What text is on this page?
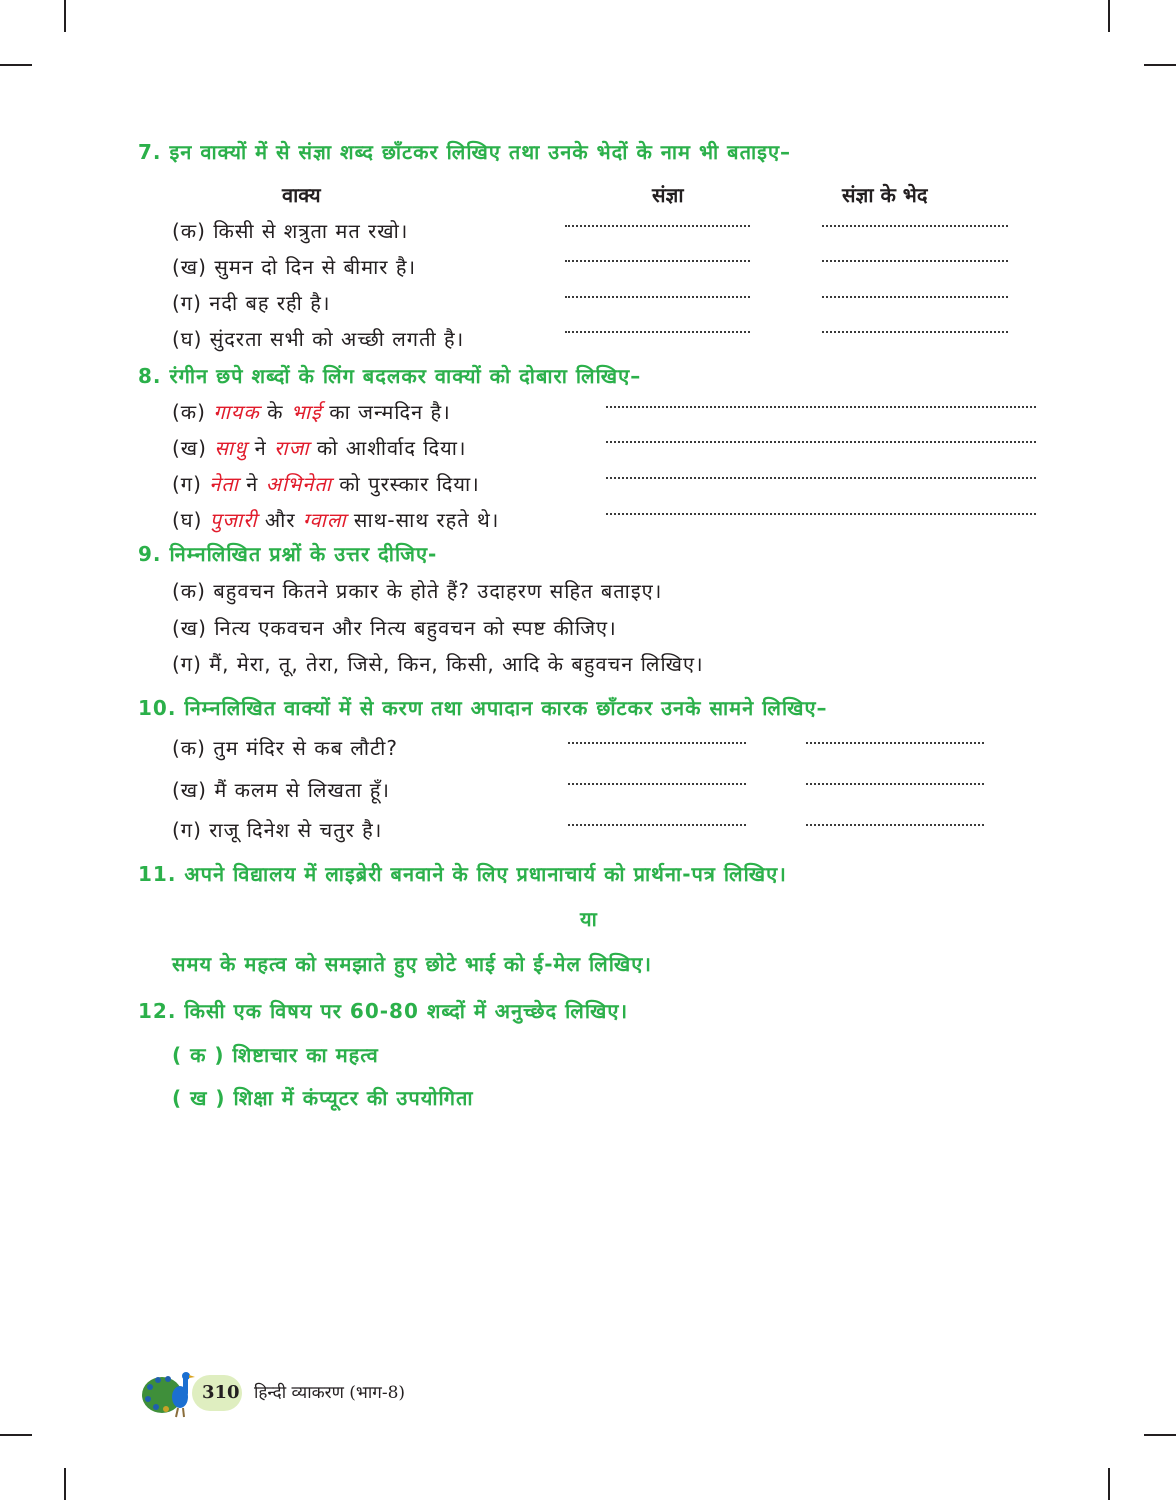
7. इन वाक्यों में से संज्ञा शब्द छाँटकर लिखिए तथा उनके भेदों के नाम भी बताइए–
वाक्य	संज्ञा	संज्ञा के भेद
(क) किसी से शत्रुता मत रखो।
(ख) सुमन दो दिन से बीमार है।
(ग) नदी बह रही है।
(घ) सुंदरता सभी को अच्छी लगती है।
8. रंगीन छपे शब्दों के लिंग बदलकर वाक्यों को दोबारा लिखिए–
(क) गायक के भाई का जन्मदिन है।
(ख) साधु ने राजा को आशीर्वाद दिया।
(ग) नेता ने अभिनेता को पुरस्कार दिया।
(घ) पुजारी और ग्वाला साथ-साथ रहते थे।
9. निम्नलिखित प्रश्नों के उत्तर दीजिए-
(क) बहुवचन कितने प्रकार के होते हैं? उदाहरण सहित बताइए।
(ख) नित्य एकवचन और नित्य बहुवचन को स्पष्ट कीजिए।
(ग) मैं, मेरा, तू, तेरा, जिसे, किन, किसी, आदि के बहुवचन लिखिए।
10. निम्नलिखित वाक्यों में से करण तथा अपादान कारक छाँटकर उनके सामने लिखिए–
(क) तुम मंदिर से कब लौटी?
(ख) मैं कलम से लिखता हूँ।
(ग) राजू दिनेश से चतुर है।
11. अपने विद्यालय में लाइब्रेरी बनवाने के लिए प्रधानाचार्य को प्रार्थना-पत्र लिखिए।
या
समय के महत्व को समझाते हुए छोटे भाई को ई-मेल लिखिए।
12. किसी एक विषय पर 60-80 शब्दों में अनुच्छेद लिखिए।
( क ) शिष्टाचार का महत्व
( ख ) शिक्षा में कंप्यूटर की उपयोगिता
310 हिन्दी व्याकरण (भाग-8)
